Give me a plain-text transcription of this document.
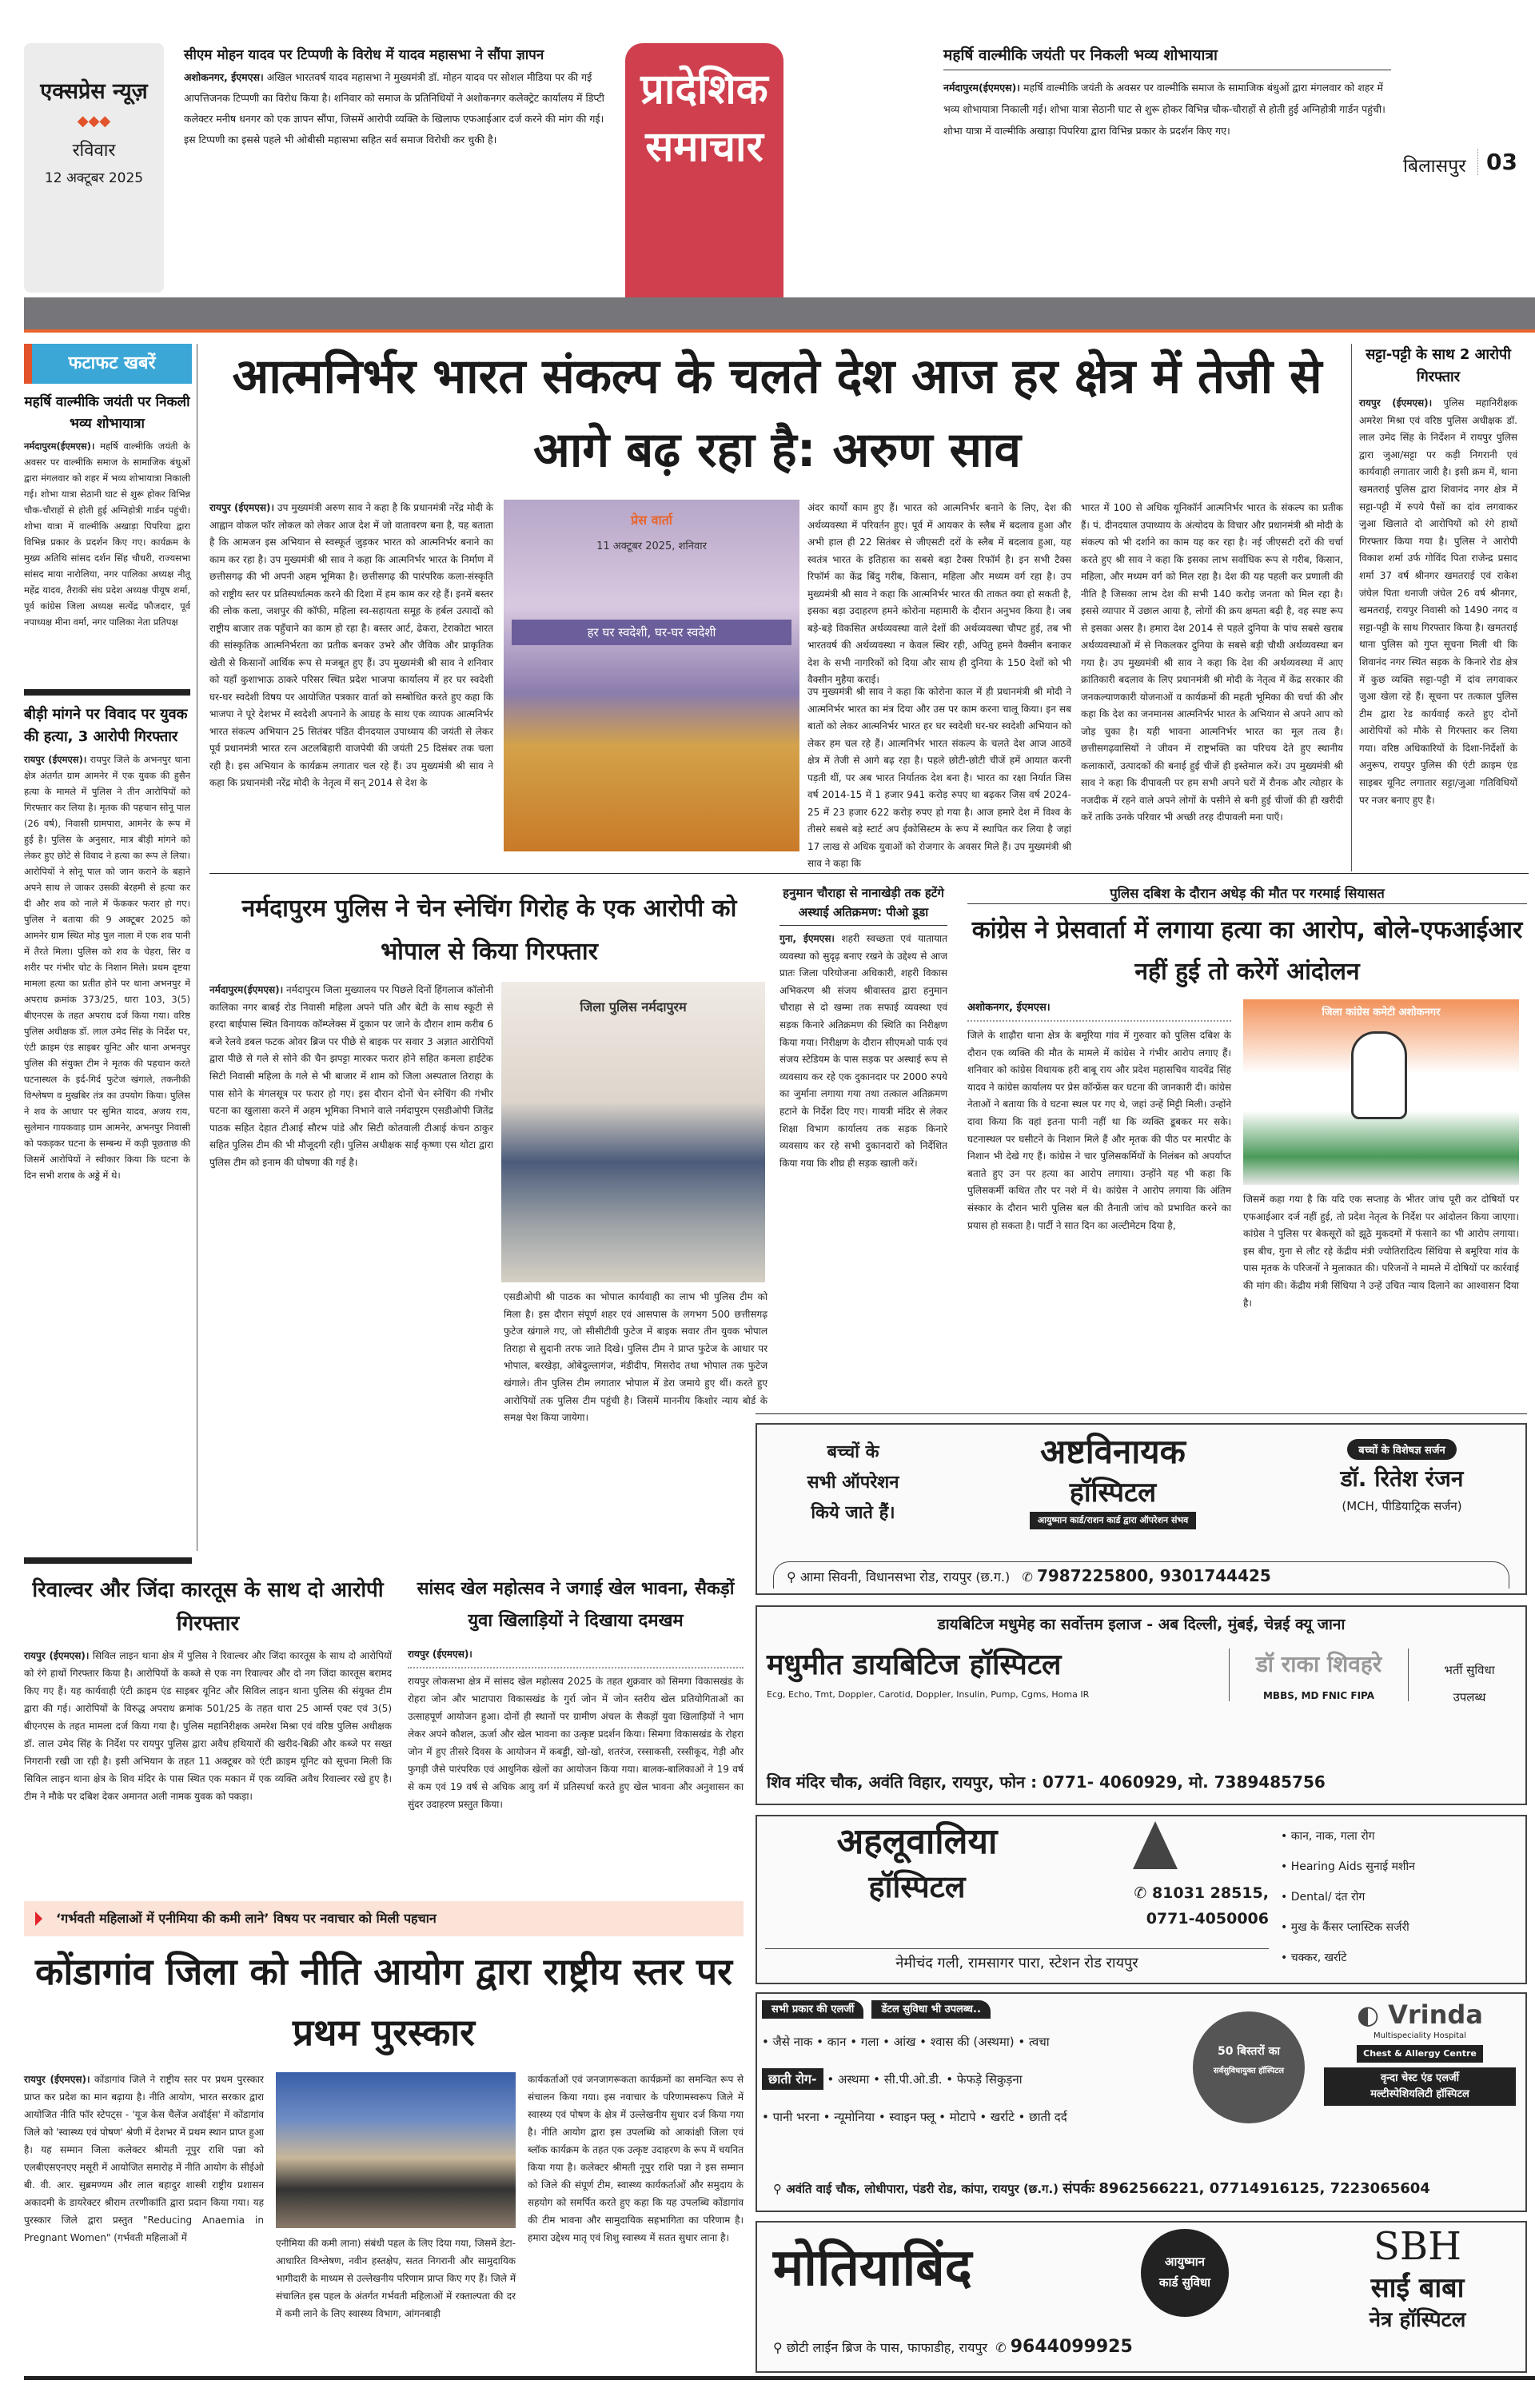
एक्सप्रेस न्यूज़
◆◆◆
रविवार
12 अक्टूबर 2025
सीएम मोहन यादव पर टिप्पणी के विरोध में यादव महासभा ने सौंपा ज्ञापन
अशोकनगर, ईएमएस। अखिल भारतवर्ष यादव महासभा ने मुख्यमंत्री डॉ. मोहन यादव पर सोशल मीडिया पर की गई आपत्तिजनक टिप्पणी का विरोध किया है। शनिवार को समाज के प्रतिनिधियों ने अशोकनगर कलेक्ट्रेट कार्यालय में डिप्टी कलेक्टर मनीष धनगर को एक ज्ञापन सौंपा, जिसमें आरोपी व्यक्ति के खिलाफ एफआईआर दर्ज करने की मांग की गई। इस टिप्पणी का इससे पहले भी ओबीसी महासभा सहित सर्व समाज विरोधी कर चुकी है।
प्रादेशिक
समाचार
महर्षि वाल्मीकि जयंती पर निकली भव्य शोभायात्रा
नर्मदापुरम(ईएमएस)। महर्षि वाल्मीकि जयंती के अवसर पर वाल्मीकि समाज के सामाजिक बंधुओं द्वारा मंगलवार को शहर में भव्य शोभायात्रा निकाली गई। शोभा यात्रा सेठानी घाट से शुरू होकर विभिन्न चौक-चौराहों से होती हुई अग्निहोत्री गार्डन पहुंची। शोभा यात्रा में वाल्मीकि अखाड़ा पिपरिया द्वारा विभिन्न प्रकार के प्रदर्शन किए गए।
बिलासपुर 03
फटाफट खबरें
महर्षि वाल्मीकि जयंती पर निकली भव्य शोभायात्रा
नर्मदापुरम(ईएमएस)। महर्षि वाल्मीकि जयंती के अवसर पर वाल्मीकि समाज के सामाजिक बंधुओं द्वारा मंगलवार को शहर में भव्य शोभायात्रा निकाली गई। शोभा यात्रा सेठानी घाट से शुरू होकर विभिन्न चौक-चौराहों से होती हुई अग्निहोत्री गार्डन पहुंची। शोभा यात्रा में वाल्मीकि अखाड़ा पिपरिया द्वारा विभिन्न प्रकार के प्रदर्शन किए गए। कार्यक्रम के मुख्य अतिथि सांसद दर्शन सिंह चौधरी, राज्यसभा सांसद माया नारोलिया, नगर पालिका अध्यक्ष नीतू महेंद्र यादव, तैराकी संघ प्रदेश अध्यक्ष पीयूष शर्मा, पूर्व कांग्रेस जिला अध्यक्ष सत्येंद्र फौजदार, पूर्व नपाध्यक्ष मीना वर्मा, नगर पालिका नेता प्रतिपक्ष
बीड़ी मांगने पर विवाद पर युवक की हत्या, 3 आरोपी गिरफ्तार
रायपुर (ईएमएस)। रायपुर जिले के अभनपुर थाना क्षेत्र अंतर्गत ग्राम आमनेर में एक युवक की हुसैन हत्या के मामले में पुलिस ने तीन आरोपियों को गिरफ्तार कर लिया है। मृतक की पहचान सोनू पाल (26 वर्ष), निवासी ग्रामपारा, आमनेर के रूप में हुई है। पुलिस के अनुसार, मात्र बीड़ी मांगने को लेकर हुए छोटे से विवाद ने हत्या का रूप ले लिया। आरोपियों ने सोनू पाल को जान कराने के बहाने अपने साथ ले जाकर उसकी बेरहमी से हत्या कर दी और शव को नाले में फेंककर फरार हो गए। पुलिस ने बताया की 9 अक्टूबर 2025 को आमनेर ग्राम स्थित मोड़ पुल नाला में एक शव पानी में तैरते मिला। पुलिस को शव के चेहरा, सिर व शरीर पर गंभीर चोट के निशान मिले। प्रथम दृष्टया मामला हत्या का प्रतीत होने पर थाना अभनपुर में अपराध क्रमांक 373/25, धारा 103, 3(5) बीएनएस के तहत अपराध दर्ज किया गया। वरिष्ठ पुलिस अधीक्षक डॉ. लाल उमेद सिंह के निर्देश पर, एंटी क्राइम एंड साइबर यूनिट और थाना अभनपुर पुलिस की संयुक्त टीम ने मृतक की पहचान करते घटनास्थल के इर्द-गिर्द फुटेज खंगाले, तकनीकी विश्लेषण व मुखबिर तंत्र का उपयोग किया। पुलिस ने शव के आधार पर सुमित यादव, अजय राय, सुलेमान गायकवाड़ ग्राम आमनेर, अभनपुर निवासी को पकड़कर घटना के सम्बन्ध में कड़ी पूछताछ की जिसमें आरोपियों ने स्वीकार किया कि घटना के दिन सभी शराब के अड्डे में थे।
आत्मनिर्भर भारत संकल्प के चलते देश आज हर क्षेत्र में तेजी से आगे बढ़ रहा है: अरुण साव
रायपुर (ईएमएस)। उप मुख्यमंत्री अरुण साव ने कहा है कि प्रधानमंत्री नरेंद्र मोदी के आह्वान वोकल फॉर लोकल को लेकर आज देश में जो वातावरण बना है, यह बताता है कि आमजन इस अभियान से स्वस्फूर्त जुड़कर भारत को आत्मनिर्भर बनाने का काम कर रहा है। उप मुख्यमंत्री श्री साव ने कहा कि आत्मनिर्भर भारत के निर्माण में छत्तीसगढ़ की भी अपनी अहम भूमिका है। छत्तीसगढ़ की पारंपरिक कला-संस्कृति को राष्ट्रीय स्तर पर प्रतिस्पर्धात्मक करने की दिशा में हम काम कर रहे हैं। इनमें बस्तर की लोक कला, जशपुर की कॉफी, महिला स्व-सहायता समूह के हर्बल उत्पादों को राष्ट्रीय बाजार तक पहुँचाने का काम हो रहा है। बस्तर आर्ट, ढेकरा, टेराकोटा भारत की सांस्कृतिक आत्मनिर्भरता का प्रतीक बनकर उभरे और जैविक और प्राकृतिक खेती से किसानों आर्थिक रूप से मजबूत हुए हैं। उप मुख्यमंत्री श्री साव ने शनिवार को यहाँ कुशाभाऊ ठाकरे परिसर स्थित प्रदेश भाजपा कार्यालय में हर घर स्वदेशी घर-घर स्वदेशी विषय पर आयोजित पत्रकार वार्ता को सम्बोधित करते हुए कहा कि भाजपा ने पूरे देशभर में स्वदेशी अपनाने के आग्रह के साथ एक व्यापक आत्मनिर्भर भारत संकल्प अभियान 25 सितंबर पंडित दीनदयाल उपाध्याय की जयंती से लेकर पूर्व प्रधानमंत्री भारत रत्न अटलबिहारी वाजपेयी की जयंती 25 दिसंबर तक चला रही है। इस अभियान के कार्यक्रम लगातार चल रहे हैं। उप मुख्यमंत्री श्री साव ने कहा कि प्रधानमंत्री नरेंद्र मोदी के नेतृत्व में सन् 2014 से देश के
प्रेस वार्ता
11 अक्टूबर 2025, शनिवार
हर घर स्वदेशी, घर-घर स्वदेशी
अंदर कार्यों काम हुए हैं। भारत को आत्मनिर्भर बनाने के लिए, देश की अर्थव्यवस्था में परिवर्तन हुए। पूर्व में आयकर के स्लैब में बदलाव हुआ और अभी हाल ही 22 सितंबर से जीएसटी दरों के स्लैब में बदलाव हुआ, यह स्वतंत्र भारत के इतिहास का सबसे बड़ा टैक्स रिफॉर्म है। इन सभी टैक्स रिफॉर्म का केंद्र बिंदु गरीब, किसान, महिला और मध्यम वर्ग रहा है। उप मुख्यमंत्री श्री साव ने कहा कि आत्मनिर्भर भारत की ताकत क्या हो सकती है, इसका बड़ा उदाहरण हमने कोरोना महामारी के दौरान अनुभव किया है। जब बड़े-बड़े विकसित अर्थव्यवस्था वाले देशों की अर्थव्यवस्था चौपट हुई, तब भी भारतवर्ष की अर्थव्यवस्था न केवल स्थिर रही, अपितु हमने वैक्सीन बनाकर देश के सभी नागरिकों को दिया और साथ ही दुनिया के 150 देशों को भी वैक्सीन मुहैया कराई।
उप मुख्यमंत्री श्री साव ने कहा कि कोरोना काल में ही प्रधानमंत्री श्री मोदी ने आत्मनिर्भर भारत का मंत्र दिया और उस पर काम करना चालू किया। इन सब बातों को लेकर आत्मनिर्भर भारत हर घर स्वदेशी घर-घर स्वदेशी अभियान को लेकर हम चल रहे हैं। आत्मनिर्भर भारत संकल्प के चलते देश आज आठवें क्षेत्र में तेजी से आगे बढ़ रहा है। पहले छोटी-छोटी चीजें हमें आयात करनी पड़ती थीं, पर अब भारत निर्यातक देश बना है। भारत का रक्षा निर्यात जिस वर्ष 2014-15 में 1 हजार 941 करोड़ रुपए था बढ़कर जिस वर्ष 2024-25 में 23 हजार 622 करोड़ रुपए हो गया है। आज हमारे देश में विश्व के तीसरे सबसे बड़े स्टार्ट अप ईकोसिस्टम के रूप में स्थापित कर लिया है जहां 17 लाख से अधिक युवाओं को रोजगार के अवसर मिले हैं। उप मुख्यमंत्री श्री साव ने कहा कि
भारत में 100 से अधिक यूनिकॉर्न आत्मनिर्भर भारत के संकल्प का प्रतीक हैं। पं. दीनदयाल उपाध्याय के अंत्योदय के विचार और प्रधानमंत्री श्री मोदी के संकल्प को भी दर्शाने का काम यह कर रहा है। नई जीएसटी दरों की चर्चा करते हुए श्री साव ने कहा कि इसका लाभ सर्वाधिक रूप से गरीब, किसान, महिला, और मध्यम वर्ग को मिल रहा है। देश की यह पहली कर प्रणाली की नीति है जिसका लाभ देश की सभी 140 करोड़ जनता को मिल रहा है। इससे व्यापार में उछाल आया है, लोगों की क्रय क्षमता बढ़ी है, वह स्पष्ट रूप से इसका असर है। हमारा देश 2014 से पहले दुनिया के पांच सबसे खराब अर्थव्यवस्थाओं में से निकलकर दुनिया के सबसे बड़ी चौथी अर्थव्यवस्था बन गया है। उप मुख्यमंत्री श्री साव ने कहा कि देश की अर्थव्यवस्था में आए क्रांतिकारी बदलाव के लिए प्रधानमंत्री श्री मोदी के नेतृत्व में केंद्र सरकार की जनकल्याणकारी योजनाओं व कार्यक्रमों की महती भूमिका की चर्चा की और कहा कि देश का जनमानस आत्मनिर्भर भारत के अभियान से अपने आप को जोड़ चुका है। यही भावना आत्मनिर्भर भारत का मूल तत्व है। छत्तीसगढ़वासियों ने जीवन में राष्ट्रभक्ति का परिचय देते हुए स्थानीय कलाकारों, उत्पादकों की बनाई हुई चीजें ही इस्तेमाल करें। उप मुख्यमंत्री श्री साव ने कहा कि दीपावली पर हम सभी अपने घरों में रौनक और त्योहार के नजदीक में रहने वाले अपने लोगों के पसीने से बनी हुई चीजों की ही खरीदी करें ताकि उनके परिवार भी अच्छी तरह दीपावली मना पाएँ।
सट्टा-पट्टी के साथ 2 आरोपी गिरफ्तार
रायपुर (ईएमएस)। पुलिस महानिरीक्षक अमरेश मिश्रा एवं वरिष्ठ पुलिस अधीक्षक डॉ. लाल उमेद सिंह के निर्देशन में रायपुर पुलिस द्वारा जुआ/सट्टा पर कड़ी निगरानी एवं कार्यवाही लगातार जारी है। इसी क्रम में, थाना खमतराई पुलिस द्वारा शिवानंद नगर क्षेत्र में सट्टा-पट्टी में रुपये पैसों का दांव लगवाकर जुआ खिलाते दो आरोपियों को रंगे हाथों गिरफ्तार किया गया है। पुलिस ने आरोपी विकाश शर्मा उर्फ गोविंद पिता राजेन्द्र प्रसाद शर्मा 37 वर्ष श्रीनगर खमतराई एवं राकेश जंघेल पिता धनाजी जंघेल 26 वर्ष श्रीनगर, खमतराई, रायपुर निवासी को 1490 नगद व सट्टा-पट्टी के साथ गिरफ्तार किया है। खमतराई थाना पुलिस को गुप्त सूचना मिली थी कि शिवानंद नगर स्थित सड़क के किनारे रोड क्षेत्र में कुछ व्यक्ति सट्टा-पट्टी में दांव लगवाकर जुआ खेला रहे हैं। सूचना पर तत्काल पुलिस टीम द्वारा रेड कार्यवाई करते हुए दोनों आरोपियों को मौके से गिरफ्तार कर लिया गया। वरिष्ठ अधिकारियों के दिशा-निर्देशों के अनुरूप, रायपुर पुलिस की एंटी क्राइम एंड साइबर यूनिट लगातार सट्टा/जुआ गतिविधियों पर नजर बनाए हुए है।
नर्मदापुरम पुलिस ने चेन स्नेचिंग गिरोह के एक आरोपी को भोपाल से किया गिरफ्तार
नर्मदापुरम(ईएमएस)। नर्मदापुरम जिला मुख्यालय पर पिछले दिनों हिंगलाज कॉलोनी कालिका नगर बाबई रोड निवासी महिला अपने पति और बेटी के साथ स्कूटी से हरदा बाईपास स्थित विनायक कॉम्प्लेक्स में दुकान पर जाने के दौरान शाम करीब 6 बजे रेलवे डबल फटक ओवर ब्रिज पर पीछे से बाइक पर सवार 3 अज्ञात आरोपियों द्वारा पीछे से गले से सोने की चैन झपट्टा मारकर फरार होने सहित कमला हाईटेक सिटी निवासी महिला के गले से भी बाजार में शाम को जिला अस्पताल तिराहा के पास सोने के मंगलसूत्र पर फरार हो गए। इस दौरान दोनों चेन स्नेचिंग की गंभीर घटना का खुलासा करने में अहम भूमिका निभाने वाले नर्मदापुरम एसडीओपी जितेंद्र पाठक सहित देहात टीआई सौरभ पांडे और सिटी कोतवाली टीआई कंचन ठाकुर सहित पुलिस टीम की भी मौजूदगी रही। पुलिस अधीक्षक साईं कृष्णा एस थोटा द्वारा पुलिस टीम को इनाम की घोषणा की गई है।
जिला पुलिस नर्मदापुरम
एसडीओपी श्री पाठक का भोपाल कार्यवाही का लाभ भी पुलिस टीम को मिला है। इस दौरान संपूर्ण शहर एवं आसपास के लगभग 500 छत्तीसगढ़ फुटेज खंगाले गए, जो सीसीटीवी फुटेज में बाइक सवार तीन युवक भोपाल तिराहा से सुदानी तरफ जाते दिखे। पुलिस टीम ने प्राप्त फुटेज के आधार पर भोपाल, बरखेड़ा, ओबेदुल्लागंज, मंडीदीप, मिसरोद तथा भोपाल तक फुटेज खंगाले। तीन पुलिस टीम लगातार भोपाल में डेरा जमाये हुए थीं। करते हुए आरोपियों तक पुलिस टीम पहुंची है। जिसमें माननीय किशोर न्याय बोर्ड के समक्ष पेश किया जायेगा।
हनुमान चौराहा से नानाखेड़ी तक हटेंगे अस्थाई अतिक्रमण: पीओ डूडा
गुना, ईएमएस। शहरी स्वच्छता एवं यातायात व्यवस्था को सुदृढ़ बनाए रखने के उद्देश्य से आज प्रातः जिला परियोजना अधिकारी, शहरी विकास अभिकरण श्री संजय श्रीवास्तव द्वारा हनुमान चौराहा से दो खम्मा तक सफाई व्यवस्था एवं सड़क किनारे अतिक्रमण की स्थिति का निरीक्षण किया गया। निरीक्षण के दौरान सीएमओ पार्क एवं संजय स्टेडियम के पास सड़क पर अस्थाई रूप से व्यवसाय कर रहे एक दुकानदार पर 2000 रुपये का जुर्माना लगाया गया तथा तत्काल अतिक्रमण हटाने के निर्देश दिए गए। गायत्री मंदिर से लेकर शिक्षा विभाग कार्यालय तक सड़क किनारे व्यवसाय कर रहे सभी दुकानदारों को निर्देशित किया गया कि शीघ्र ही सड़क खाली करें।
पुलिस दबिश के दौरान अधेड़ की मौत पर गरमाई सियासत
कांग्रेस ने प्रेसवार्ता में लगाया हत्या का आरोप, बोले-एफआईआर नहीं हुई तो करेगें आंदोलन
अशोकनगर, ईएमएस।
जिले के शाढ़ौरा थाना क्षेत्र के बमूरिया गांव में गुरुवार को पुलिस दबिश के दौरान एक व्यक्ति की मौत के मामले में कांग्रेस ने गंभीर आरोप लगाए हैं। शनिवार को कांग्रेस विधायक हरी बाबू राय और प्रदेश महासचिव यादवेंद्र सिंह यादव ने कांग्रेस कार्यालय पर प्रेस कॉन्फ्रेंस कर घटना की जानकारी दी। कांग्रेस नेताओं ने बताया कि वे घटना स्थल पर गए थे, जहां उन्हें मिट्टी मिली। उन्होंने दावा किया कि वहां इतना पानी नहीं था कि व्यक्ति डूबकर मर सके। घटनास्थल पर घसीटने के निशान मिले हैं और मृतक की पीठ पर मारपीट के निशान भी देखे गए हैं। कांग्रेस ने चार पुलिसकर्मियों के निलंबन को अपर्याप्त बताते हुए उन पर हत्या का आरोप लगाया। उन्होंने यह भी कहा कि पुलिसकर्मी कथित तौर पर नशे में थे। कांग्रेस ने आरोप लगाया कि अंतिम संस्कार के दौरान भारी पुलिस बल की तैनाती जांच को प्रभावित करने का प्रयास हो सकता है। पार्टी ने सात दिन का अल्टीमेटम दिया है,
जिला कांग्रेस कमेटी अशोकनगर
जिसमें कहा गया है कि यदि एक सप्ताह के भीतर जांच पूरी कर दोषियों पर एफआईआर दर्ज नहीं हुई, तो प्रदेश नेतृत्व के निर्देश पर आंदोलन किया जाएगा। कांग्रेस ने पुलिस पर बेकसूरों को झूठे मुकदमों में फंसाने का भी आरोप लगाया। इस बीच, गुना से लौट रहे केंद्रीय मंत्री ज्योतिरादित्य सिंधिया से बमूरिया गांव के पास मृतक के परिजनों ने मुलाकात की। परिजनों ने मामले में दोषियों पर कार्रवाई की मांग की। केंद्रीय मंत्री सिंधिया ने उन्हें उचित न्याय दिलाने का आश्वासन दिया है।
रिवाल्वर और जिंदा कारतूस के साथ दो आरोपी गिरफ्तार
रायपुर (ईएमएस)। सिविल लाइन थाना क्षेत्र में पुलिस ने रिवाल्वर और जिंदा कारतूस के साथ दो आरोपियों को रंगे हाथों गिरफ्तार किया है। आरोपियों के कब्जे से एक नग रिवाल्वर और दो नग जिंदा कारतूस बरामद किए गए हैं। यह कार्यवाही एंटी क्राइम एंड साइबर यूनिट और सिविल लाइन थाना पुलिस की संयुक्त टीम द्वारा की गई। आरोपियों के विरुद्ध अपराध क्रमांक 501/25 के तहत धारा 25 आर्म्स एक्ट एवं 3(5) बीएनएस के तहत मामला दर्ज किया गया है। पुलिस महानिरीक्षक अमरेश मिश्रा एवं वरिष्ठ पुलिस अधीक्षक डॉ. लाल उमेद सिंह के निर्देश पर रायपुर पुलिस द्वारा अवैध हथियारों की खरीद-बिक्री और कब्जे पर सख्त निगरानी रखी जा रही है। इसी अभियान के तहत 11 अक्टूबर को एंटी क्राइम यूनिट को सूचना मिली कि सिविल लाइन थाना क्षेत्र के शिव मंदिर के पास स्थित एक मकान में एक व्यक्ति अवैध रिवाल्वर रखे हुए है। टीम ने मौके पर दबिश देकर अमानत अली नामक युवक को पकड़ा।
सांसद खेल महोत्सव ने जगाई खेल भावना, सैकड़ों युवा खिलाड़ियों ने दिखाया दमखम
रायपुर (ईएमएस)।
रायपुर लोकसभा क्षेत्र में सांसद खेल महोत्सव 2025 के तहत शुक्रवार को सिमगा विकासखंड के रोहरा जोन और भाटापारा विकासखंड के गुर्रा जोन में जोन स्तरीय खेल प्रतियोगिताओं का उत्साहपूर्ण आयोजन हुआ। दोनों ही स्थानों पर ग्रामीण अंचल के सैकड़ों युवा खिलाड़ियों ने भाग लेकर अपने कौशल, ऊर्जा और खेल भावना का उत्कृष्ट प्रदर्शन किया। सिमगा विकासखंड के रोहरा जोन में हुए तीसरे दिवस के आयोजन में कबड्डी, खो-खो, शतरंज, रस्साकसी, रस्सीकूद, गेड़ी और फुगड़ी जैसे पारंपरिक एवं आधुनिक खेलों का आयोजन किया गया। बालक-बालिकाओं ने 19 वर्ष से कम एवं 19 वर्ष से अधिक आयु वर्ग में प्रतिस्पर्धा करते हुए खेल भावना और अनुशासन का सुंदर उदाहरण प्रस्तुत किया।
‘गर्भवती महिलाओं में एनीमिया की कमी लाने’ विषय पर नवाचार को मिली पहचान
कोंडागांव जिला को नीति आयोग द्वारा राष्ट्रीय स्तर पर प्रथम पुरस्कार
रायपुर (ईएमएस)। कोंडागांव जिले ने राष्ट्रीय स्तर पर प्रथम पुरस्कार प्राप्त कर प्रदेश का मान बढ़ाया है। नीति आयोग, भारत सरकार द्वारा आयोजित नीति फॉर स्टेपट्स - 'यूज केस चैलेंज अवॉर्ड्स' में कोंडागांव जिले को 'स्वास्थ्य एवं पोषण' श्रेणी में देशभर में प्रथम स्थान प्राप्त हुआ है। यह सम्मान जिला कलेक्टर श्रीमती नूपुर राशि पन्ना को एलबीएसएनएए मसूरी में आयोजित समारोह में नीति आयोग के सीईओ बी. वी. आर. सुब्रमण्यम और लाल बहादुर शास्त्री राष्ट्रीय प्रशासन अकादमी के डायरेक्टर श्रीराम तरणीकांति द्वारा प्रदान किया गया। यह पुरस्कार जिले द्वारा प्रस्तुत "Reducing Anaemia in Pregnant Women" (गर्भवती महिलाओं में	एनीमिया की कमी लाना) संबंधी पहल के लिए दिया गया, जिसमें डेटा-आधारित विश्लेषण, नवीन हस्तक्षेप, सतत निगरानी और सामुदायिक भागीदारी के माध्यम से उल्लेखनीय परिणाम प्राप्त किए गए हैं। जिले में संचालित इस पहल के अंतर्गत गर्भवती महिलाओं में रक्ताल्पता की दर में कमी लाने के लिए स्वास्थ्य विभाग, आंगनबाड़ी
कार्यकर्ताओं एवं जनजागरूकता कार्यक्रमों का समन्वित रूप से संचालन किया गया। इस नवाचार के परिणामस्वरूप जिले में स्वास्थ्य एवं पोषण के क्षेत्र में उल्लेखनीय सुधार दर्ज किया गया है। नीति आयोग द्वारा इस उपलब्धि को आकांक्षी जिला एवं ब्लॉक कार्यक्रम के तहत एक उत्कृष्ट उदाहरण के रूप में चयनित किया गया है। कलेक्टर श्रीमती नूपुर राशि पन्ना ने इस सम्मान को जिले की संपूर्ण टीम, स्वास्थ्य कार्यकर्ताओं और समुदाय के सहयोग को समर्पित करते हुए कहा कि यह उपलब्धि कोंडागांव की टीम भावना और सामुदायिक सहभागिता का परिणाम है। हमारा उद्देश्य मातृ एवं शिशु स्वास्थ्य में सतत सुधार लाना है।
बच्चों के
सभी ऑपरेशन
किये जाते हैं।
अष्टविनायक
हॉस्पिटल
आयुष्मान कार्ड/राशन कार्ड द्वारा ऑपरेशन संभव
बच्चों के विशेषज्ञ सर्जन
डॉ. रितेश रंजन
(MCH, पीडियाट्रिक सर्जन)
⚲ आमा सिवनी, विधानसभा रोड, रायपुर (छ.ग.) ✆ 7987225800, 9301744425
डायबिटिज मधुमेह का सर्वोत्तम इलाज - अब दिल्ली, मुंबई, चेन्नई क्यू जाना
मधुमीत डायबिटिज हॉस्पिटल
Ecg, Echo, Tmt, Doppler, Carotid, Doppler, Insulin, Pump, Cgms, Homa IR
डॉ राका शिवहरे
MBBS, MD FNIC FIPA
भर्ती सुविधा
उपलब्ध
शिव मंदिर चौक, अवंति विहार, रायपुर, फोन : 0771- 4060929, मो. 7389485756
अहलूवालिया
हॉस्पिटल	✆ 81031 28515,
0771-4050006
• कान, नाक, गला रोग
• Hearing Aids सुनाई मशीन
• Dental/ दंत रोग
• मुख के कैंसर प्लास्टिक सर्जरी
• चक्कर, खर्राटे
नेमीचंद गली, रामसागर पारा, स्टेशन रोड रायपुर
सभी प्रकार की एलर्जी	डेंटल सुविधा भी उपलब्ध..
• जैसे नाक • कान • गला • आंख • श्वास की (अस्थमा) • त्वचा
छाती रोग- • अस्थमा • सी.पी.ओ.डी. • फेफड़े सिकुड़ना
• पानी भरना • न्यूमोनिया • स्वाइन फ्लू • मोटापे • खर्राटे • छाती दर्द
50 बिस्तरों का
सर्वसुविधायुक्त हॉस्पिटल
◐ Vrinda
Multispeciality Hospital
Chest & Allergy Centre
वृन्दा चेस्ट एंड एलर्जी
मल्टीस्पेशियलिटी हॉस्पिटल
⚲ अवंति वाई चौक, लोधीपारा, पंडरी रोड, कांपा, रायपुर (छ.ग.) संपर्कः 8962566221, 07714916125, 7223065604
मोतियाबिंद	आयुष्मान
कार्ड सुविधा
SBH
साईं बाबा
नेत्र हॉस्पिटल
⚲ छोटी लाईन ब्रिज के पास, फाफाडीह, रायपुर ✆ 9644099925
